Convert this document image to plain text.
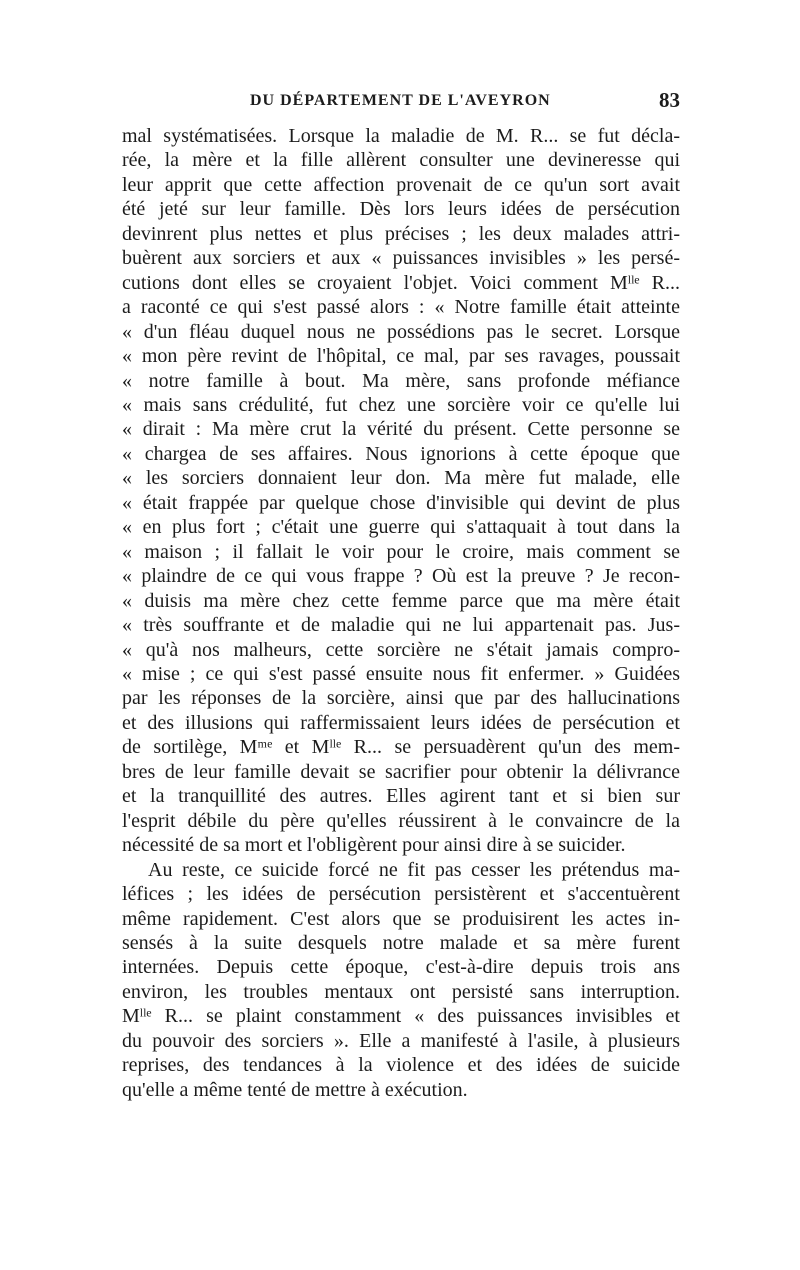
DU DÉPARTEMENT DE L'AVEYRON	83
mal systématisées. Lorsque la maladie de M. R... se fut décla-
rée, la mère et la fille allèrent consulter une devineresse qui
leur apprit que cette affection provenait de ce qu'un sort avait
été jeté sur leur famille. Dès lors leurs idées de persécution
devinrent plus nettes et plus précises ; les deux malades attri-
buèrent aux sorciers et aux « puissances invisibles » les persé-
cutions dont elles se croyaient l'objet. Voici comment Mˡˡᵉ R...
a raconté ce qui s'est passé alors : « Notre famille était atteinte
« d'un fléau duquel nous ne possédions pas le secret. Lorsque
« mon père revint de l'hôpital, ce mal, par ses ravages, poussait
« notre famille à bout. Ma mère, sans profonde méfiance
« mais sans crédulité, fut chez une sorcière voir ce qu'elle lui
« dirait : Ma mère crut la vérité du présent. Cette personne se
« chargea de ses affaires. Nous ignorions à cette époque que
« les sorciers donnaient leur don. Ma mère fut malade, elle
« était frappée par quelque chose d'invisible qui devint de plus
« en plus fort ; c'était une guerre qui s'attaquait à tout dans la
« maison ; il fallait le voir pour le croire, mais comment se
« plaindre de ce qui vous frappe ? Où est la preuve ? Je recon-
« duisis ma mère chez cette femme parce que ma mère était
« très souffrante et de maladie qui ne lui appartenait pas. Jus-
« qu'à nos malheurs, cette sorcière ne s'était jamais compro-
« mise ; ce qui s'est passé ensuite nous fit enfermer. » Guidées
par les réponses de la sorcière, ainsi que par des hallucinations
et des illusions qui raffermissaient leurs idées de persécution et
de sortilège, Mᵐᵉ et Mˡˡᵉ R... se persuadèrent qu'un des mem-
bres de leur famille devait se sacrifier pour obtenir la délivrance
et la tranquillité des autres. Elles agirent tant et si bien sur
l'esprit débile du père qu'elles réussirent à le convaincre de la
nécessité de sa mort et l'obligèrent pour ainsi dire à se suicider.
Au reste, ce suicide forcé ne fit pas cesser les prétendus ma-
léfices ; les idées de persécution persistèrent et s'accentuèrent
même rapidement. C'est alors que se produisirent les actes in-
sensés à la suite desquels notre malade et sa mère furent
internées. Depuis cette époque, c'est-à-dire depuis trois ans
environ, les troubles mentaux ont persisté sans interruption.
Mˡˡᵉ R... se plaint constamment « des puissances invisibles et
du pouvoir des sorciers ». Elle a manifesté à l'asile, à plusieurs
reprises, des tendances à la violence et des idées de suicide
qu'elle a même tenté de mettre à exécution.
